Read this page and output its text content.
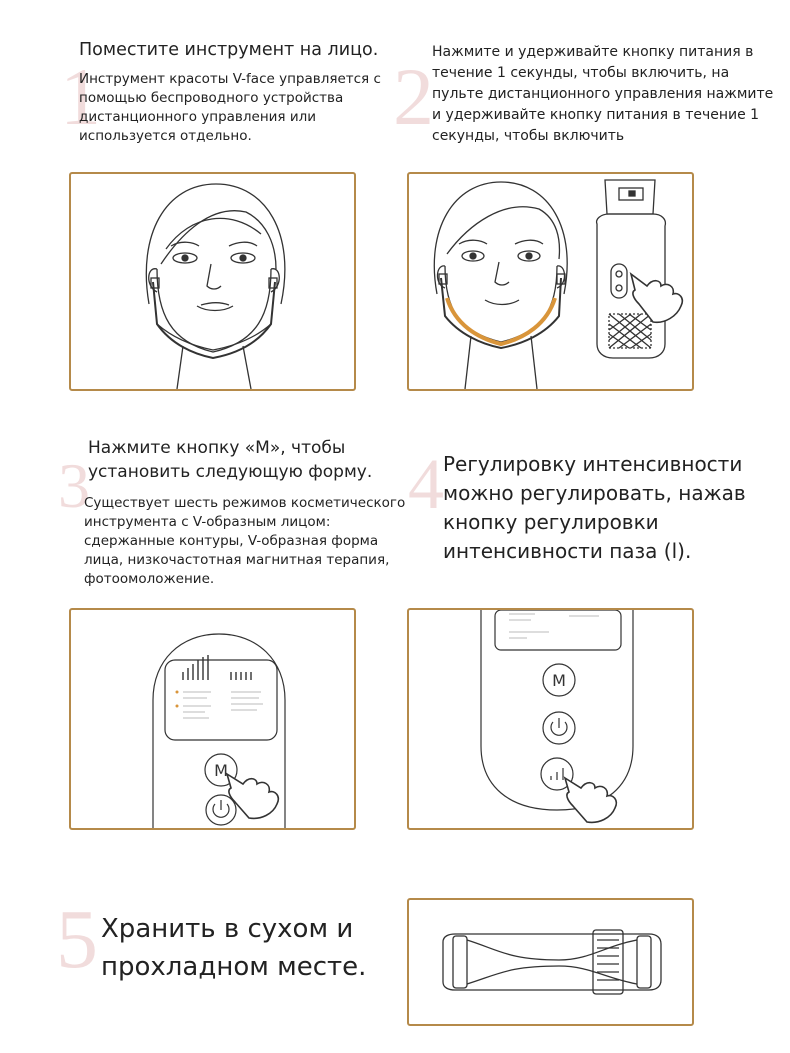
1

Поместите инструмент на лицо.

Инструмент красоты V-face управляется с помощью беспроводного устройства дистанционного управления или используется отдельно.	2

Нажмите и удерживайте кнопку питания в течение 1 секунды, чтобы включить, на пульте дистанционного управления нажмите и удерживайте кнопку питания в течение 1 секунды, чтобы включить

3

Нажмите кнопку «M», чтобы установить следующую форму.

Существует шесть режимов косметического инструмента с V-образным лицом: сдержанные контуры, V-образная форма лица, низкочастотная магнитная терапия, фотоомоложение.

4 Регулировку интенсивности можно регулировать, нажав кнопку регулировки интенсивности паза (l).

M
M
5 Хранить в сухом и прохладном месте.
